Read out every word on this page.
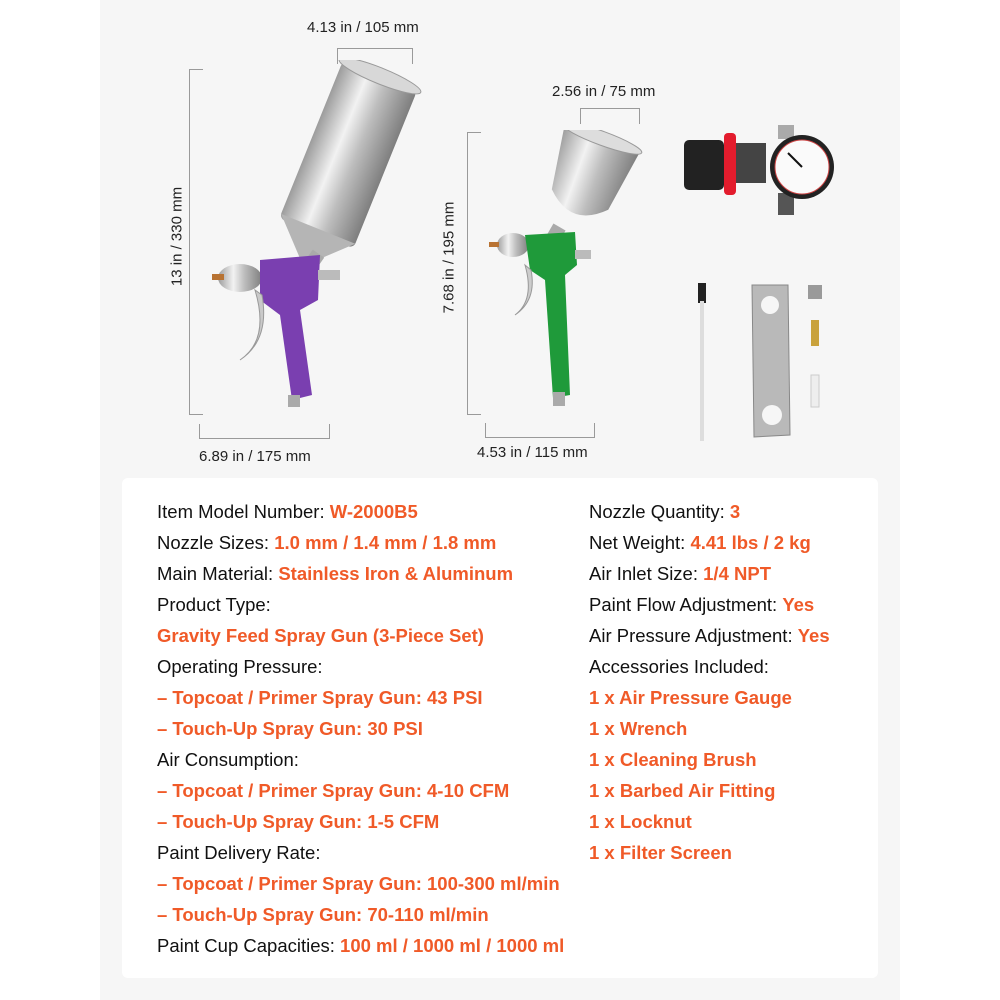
4.13 in / 105 mm
13 in / 330 mm
6.89 in / 175 mm
2.56 in / 75 mm
7.68 in / 195 mm
4.53 in / 115 mm
Item Model Number: W-2000B5
Nozzle Sizes: 1.0 mm / 1.4 mm / 1.8 mm
Main Material: Stainless Iron & Aluminum
Product Type:
Gravity Feed Spray Gun (3-Piece Set)
Operating Pressure:
– Topcoat / Primer Spray Gun: 43 PSI
– Touch-Up Spray Gun: 30 PSI
Air Consumption:
– Topcoat / Primer Spray Gun: 4-10 CFM
– Touch-Up Spray Gun: 1-5 CFM
Paint Delivery Rate:
– Topcoat / Primer Spray Gun: 100-300 ml/min
– Touch-Up Spray Gun: 70-110 ml/min
Paint Cup Capacities: 100 ml / 1000 ml / 1000 ml
Nozzle Quantity: 3
Net Weight: 4.41 lbs / 2 kg
Air Inlet Size: 1/4 NPT
Paint Flow Adjustment: Yes
Air Pressure Adjustment: Yes
Accessories Included:
1 x Air Pressure Gauge
1 x Wrench
1 x Cleaning Brush
1 x Barbed Air Fitting
1 x Locknut
1 x Filter Screen
